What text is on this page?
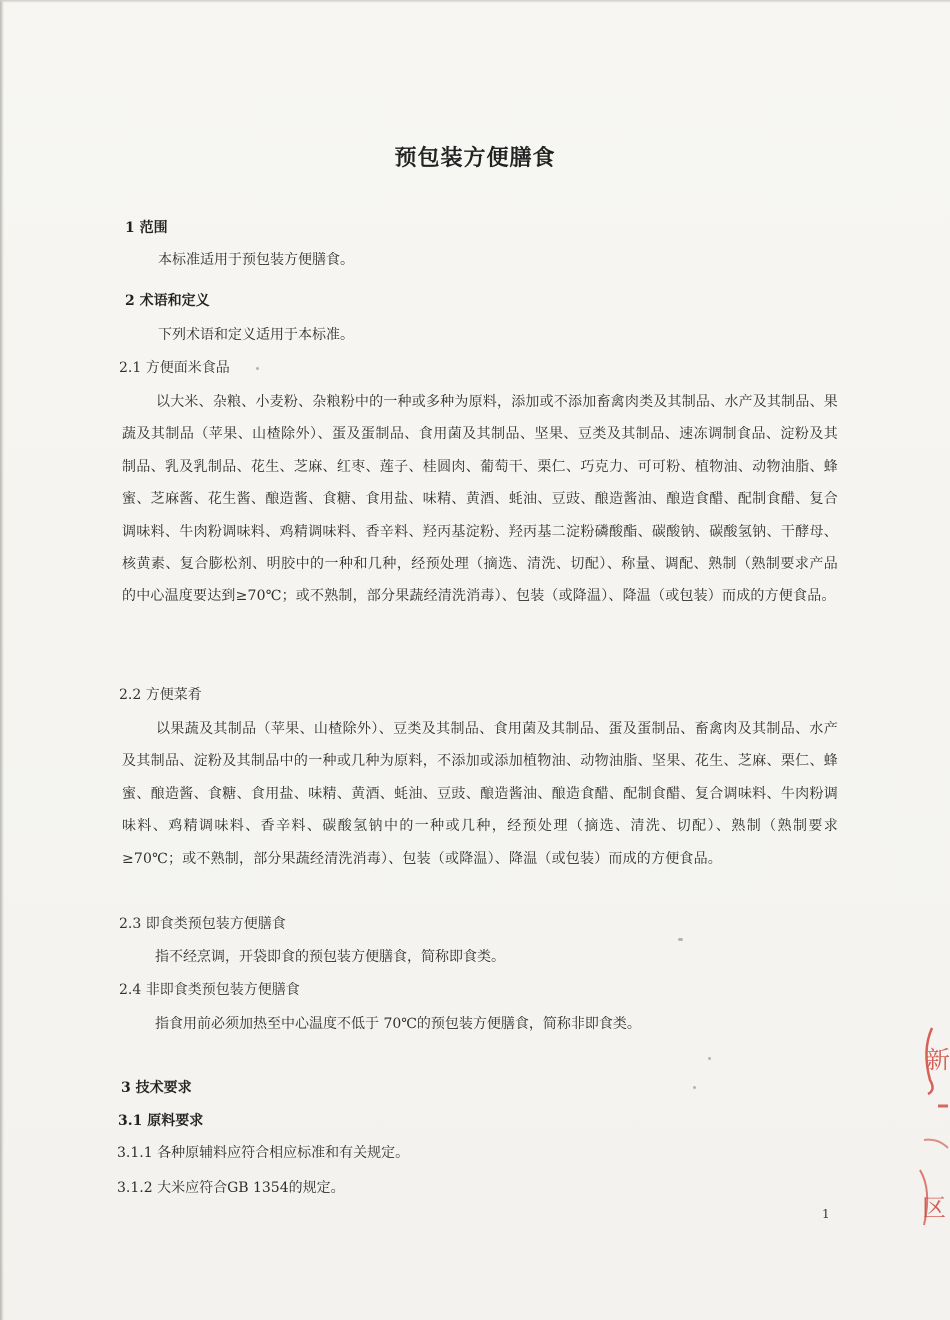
预包装方便膳食
1 范围
本标准适用于预包装方便膳食。
2 术语和定义
下列术语和定义适用于本标准。
2.1 方便面米食品
以大米、杂粮、小麦粉、杂粮粉中的一种或多种为原料，添加或不添加畜禽肉类及其制品、水产及其制品、果蔬及其制品（苹果、山楂除外）、蛋及蛋制品、食用菌及其制品、坚果、豆类及其制品、速冻调制食品、淀粉及其制品、乳及乳制品、花生、芝麻、红枣、莲子、桂圆肉、葡萄干、栗仁、巧克力、可可粉、植物油、动物油脂、蜂蜜、芝麻酱、花生酱、酿造酱、食糖、食用盐、味精、黄酒、蚝油、豆豉、酿造酱油、酿造食醋、配制食醋、复合调味料、牛肉粉调味料、鸡精调味料、香辛料、羟丙基淀粉、羟丙基二淀粉磷酸酯、碳酸钠、碳酸氢钠、干酵母、核黄素、复合膨松剂、明胶中的一种和几种，经预处理（摘选、清洗、切配）、称量、调配、熟制（熟制要求产品的中心温度要达到≥70℃；或不熟制，部分果蔬经清洗消毒）、包装（或降温）、降温（或包装）而成的方便食品。
2.2 方便菜肴
以果蔬及其制品（苹果、山楂除外）、豆类及其制品、食用菌及其制品、蛋及蛋制品、畜禽肉及其制品、水产及其制品、淀粉及其制品中的一种或几种为原料，不添加或添加植物油、动物油脂、坚果、花生、芝麻、栗仁、蜂蜜、酿造酱、食糖、食用盐、味精、黄酒、蚝油、豆豉、酿造酱油、酿造食醋、配制食醋、复合调味料、牛肉粉调味料、鸡精调味料、香辛料、碳酸氢钠中的一种或几种，经预处理（摘选、清洗、切配）、熟制（熟制要求≥70℃；或不熟制，部分果蔬经清洗消毒）、包装（或降温）、降温（或包装）而成的方便食品。
2.3 即食类预包装方便膳食
指不经烹调，开袋即食的预包装方便膳食，简称即食类。
2.4 非即食类预包装方便膳食
指食用前必须加热至中心温度不低于 70℃的预包装方便膳食，简称非即食类。
3 技术要求
3.1 原料要求
3.1.1 各种原辅料应符合相应标准和有关规定。
3.1.2 大米应符合GB 1354的规定。
1
新
区
